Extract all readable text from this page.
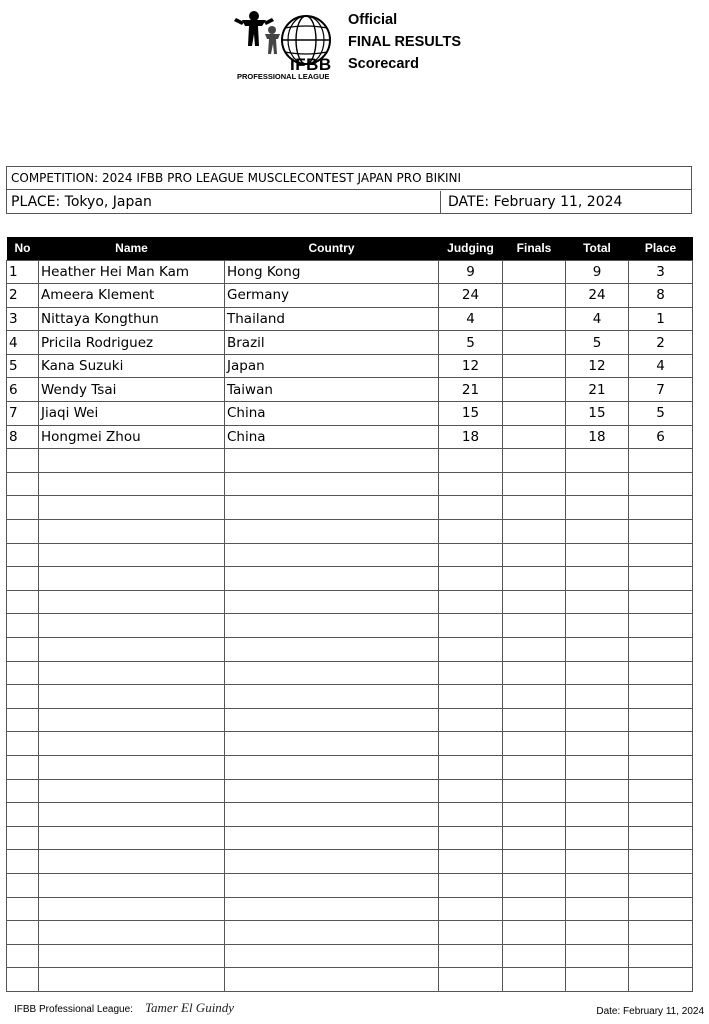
IFBB
PROFESSIONAL LEAGUE
Official
FINAL RESULTS
Scorecard
COMPETITION: 2024 IFBB PRO LEAGUE MUSCLECONTEST JAPAN PRO BIKINI
PLACE: Tokyo, Japan	DATE: February 11, 2024
No	Name	Country	Judging	Finals	Total	Place
1	Heather Hei Man Kam	Hong Kong	9		9	3
2	Ameera Klement	Germany	24		24	8
3	Nittaya Kongthun	Thailand	4		4	1
4	Pricila Rodriguez	Brazil	5		5	2
5	Kana Suzuki	Japan	12		12	4
6	Wendy Tsai	Taiwan	21		21	7
7	Jiaqi Wei	China	15		15	5
8	Hongmei Zhou	China	18		18	6

IFBB Professional League: Tamer El Guindy	Date: February 11, 2024
